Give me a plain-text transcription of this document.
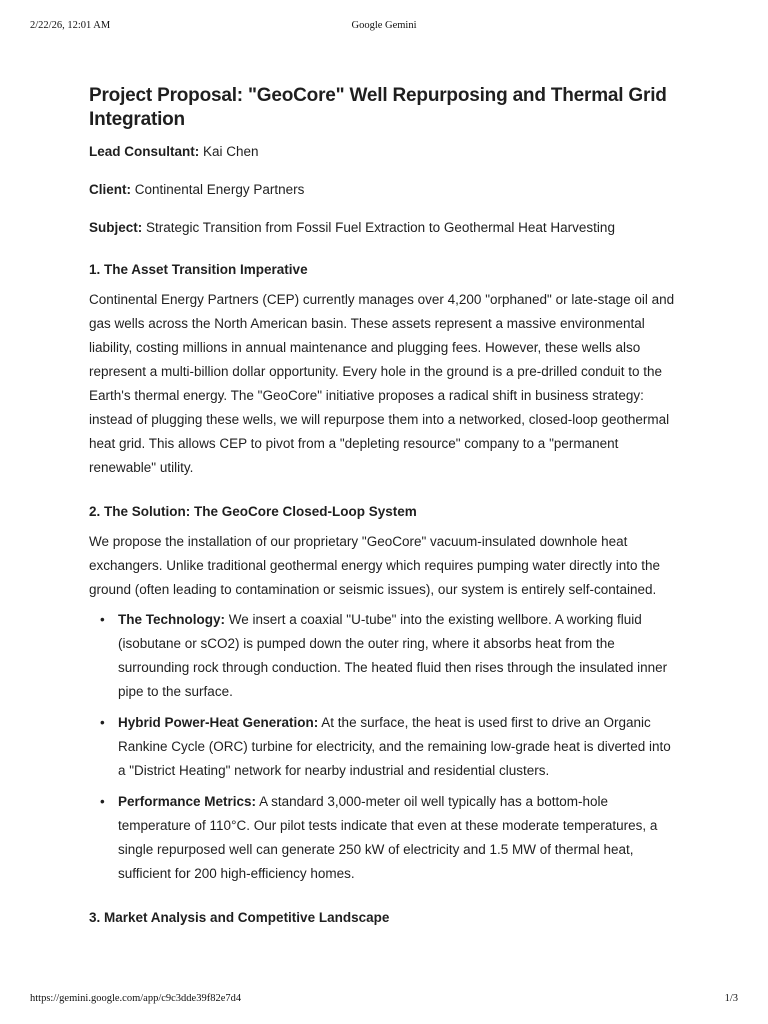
2/22/26, 12:01 AM	Google Gemini
Project Proposal: "GeoCore" Well Repurposing and Thermal Grid Integration

Lead Consultant: Kai Chen

Client: Continental Energy Partners

Subject: Strategic Transition from Fossil Fuel Extraction to Geothermal Heat Harvesting

1. The Asset Transition Imperative

Continental Energy Partners (CEP) currently manages over 4,200 "orphaned" or late-stage oil and gas wells across the North American basin. These assets represent a massive environmental liability, costing millions in annual maintenance and plugging fees. However, these wells also represent a multi-billion dollar opportunity. Every hole in the ground is a pre-drilled conduit to the Earth's thermal energy. The "GeoCore" initiative proposes a radical shift in business strategy: instead of plugging these wells, we will repurpose them into a networked, closed-loop geothermal heat grid. This allows CEP to pivot from a "depleting resource" company to a "permanent renewable" utility.

2. The Solution: The GeoCore Closed-Loop System

We propose the installation of our proprietary "GeoCore" vacuum-insulated downhole heat exchangers. Unlike traditional geothermal energy which requires pumping water directly into the ground (often leading to contamination or seismic issues), our system is entirely self-contained.

• The Technology: We insert a coaxial "U-tube" into the existing wellbore. A working fluid (isobutane or sCO2) is pumped down the outer ring, where it absorbs heat from the surrounding rock through conduction. The heated fluid then rises through the insulated inner pipe to the surface.
• Hybrid Power-Heat Generation: At the surface, the heat is used first to drive an Organic Rankine Cycle (ORC) turbine for electricity, and the remaining low-grade heat is diverted into a "District Heating" network for nearby industrial and residential clusters.
• Performance Metrics: A standard 3,000-meter oil well typically has a bottom-hole temperature of 110°C. Our pilot tests indicate that even at these moderate temperatures, a single repurposed well can generate 250 kW of electricity and 1.5 MW of thermal heat, sufficient for 200 high-efficiency homes.
3. Market Analysis and Competitive Landscape
https://gemini.google.com/app/c9c3dde39f82e7d4	1/3
